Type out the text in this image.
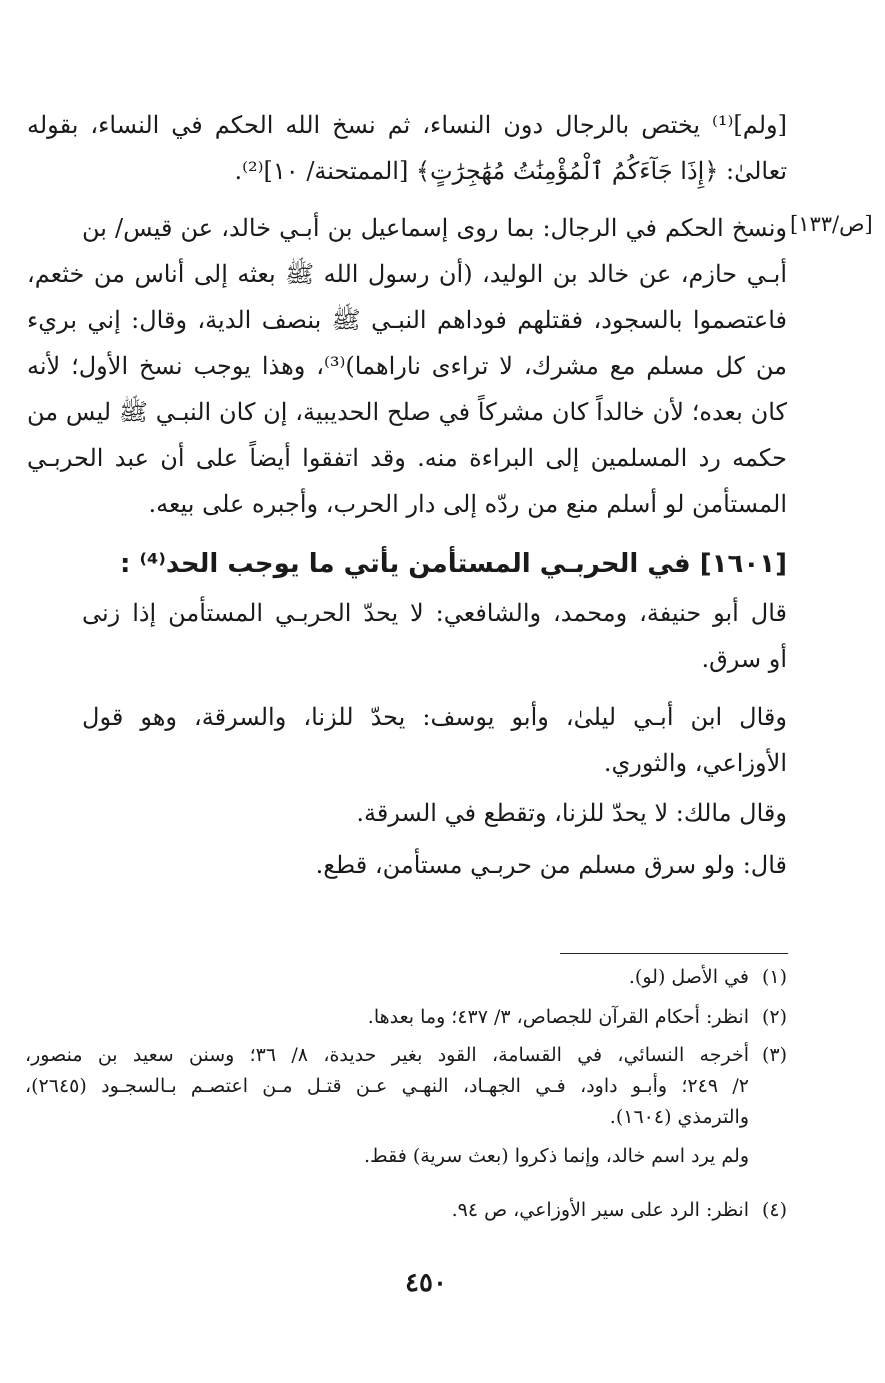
[ولم]⁽¹⁾ يختص بالرجال دون النساء، ثم نسخ الله الحكم في النساء، بقوله
تعالىٰ: ﴿إِذَا جَآءَكُمُ ٱلْمُؤْمِنَٰتُ مُهَٰجِرَٰتٍ﴾ [الممتحنة/ ١٠]⁽²⁾.
[ص/١٣٣]
ونسخ الحكم في الرجال: بما روى إسماعيل بن أبـي خالد، عن قيس/ بن
أبـي حازم، عن خالد بن الوليد، (أن رسول الله ﷺ بعثه إلى أناس من خثعم،
فاعتصموا بالسجود، فقتلهم فوداهم النبـي ﷺ بنصف الدية، وقال: إني بريء
من كل مسلم مع مشرك، لا تراءى ناراهما)⁽³⁾، وهذا يوجب نسخ الأول؛ لأنه
كان بعده؛ لأن خالداً كان مشركاً في صلح الحديبية، إن كان النبـي ﷺ ليس من
حكمه رد المسلمين إلى البراءة منه. وقد اتفقوا أيضاً على أن عبد الحربـي
المستأمن لو أسلم منع من ردّه إلى دار الحرب، وأجبره على بيعه.
[١٦٠١] في الحربـي المستأمن يأتي ما يوجب الحد⁽⁴⁾ :
قال أبو حنيفة، ومحمد، والشافعي: لا يحدّ الحربـي المستأمن إذا زنى
أو سرق.
وقال ابن أبـي ليلىٰ، وأبو يوسف: يحدّ للزنا، والسرقة، وهو قول
الأوزاعي، والثوري.
وقال مالك: لا يحدّ للزنا، وتقطع في السرقة.
قال: ولو سرق مسلم من حربـي مستأمن، قطع.
(١)في الأصل (لو).
(٢)انظر: أحكام القرآن للجصاص، ٣/ ٤٣٧؛ وما بعدها.
(٣)
أخرجه النسائي، في القسامة، القود بغير حديدة، ٨/ ٣٦؛ وسنن سعيد بن منصور،
٢/ ٢٤٩؛ وأبـو داود، فـي الجهـاد، النهـي عـن قتـل مـن اعتصـم بـالسجـود (٢٦٤٥)،
والترمذي (١٦٠٤).
ولم يرد اسم خالد، وإنما ذكروا (بعث سرية) فقط.
(٤)انظر: الرد على سير الأوزاعي، ص ٩٤.
٤٥٠
